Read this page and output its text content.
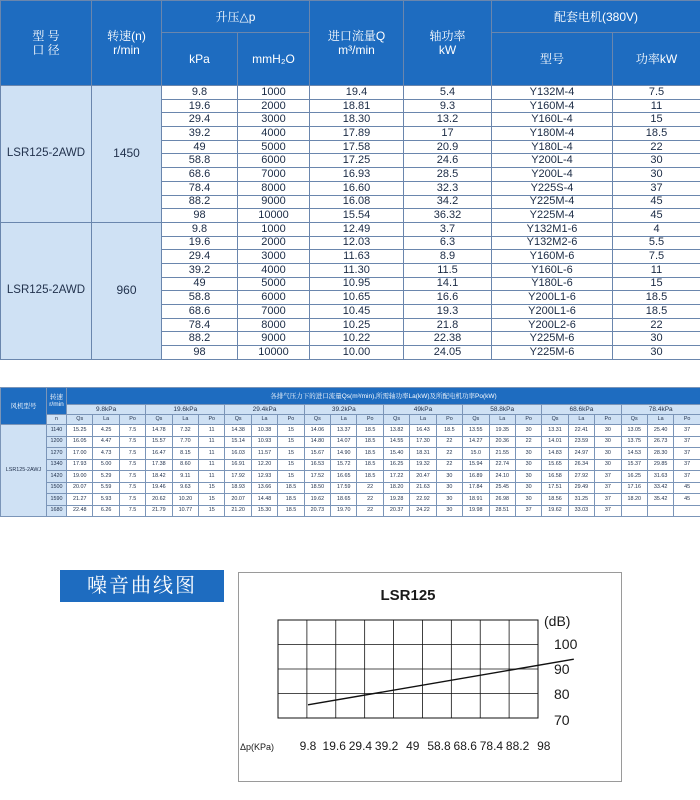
型 号
口 径	转速(n)
r/min	升压△p		进口流量Q
m³/min	轴功率
kW	配套电机(380V)	
		kPa	mmH₂O			型号	功率kW
LSR125-2AWD	1450	9.8	1000	19.4	5.4	Y132M-4	7.5
		19.6	2000	18.81	9.3	Y160M-4	11
		29.4	3000	18.30	13.2	Y160L-4	15
		39.2	4000	17.89	17	Y180M-4	18.5
		49	5000	17.58	20.9	Y180L-4	22
		58.8	6000	17.25	24.6	Y200L-4	30
		68.6	7000	16.93	28.5	Y200L-4	30
		78.4	8000	16.60	32.3	Y225S-4	37
		88.2	9000	16.08	34.2	Y225M-4	45
		98	10000	15.54	36.32	Y225M-4	45
LSR125-2AWD	960	9.8	1000	12.49	3.7	Y132M1-6	4
		19.6	2000	12.03	6.3	Y132M2-6	5.5
		29.4	3000	11.63	8.9	Y160M-6	7.5
		39.2	4000	11.30	11.5	Y160L-6	11
		49	5000	10.95	14.1	Y180L-6	15
		58.8	6000	10.65	16.6	Y200L1-6	18.5
		68.6	7000	10.45	19.3	Y200L1-6	18.5
		78.4	8000	10.25	21.8	Y200L2-6	22
		88.2	9000	10.22	22.38	Y225M-6	30
		98	10000	10.00	24.05	Y225M-6	30
风机型号	转速
r/min	各排气压力下的进口流量Qs(m³/min),所需轴功率La(kW)及所配电机功率Po(kW)																								
		9.8kPa			19.6kPa			29.4kPa			39.2kPa			49kPa			58.8kPa			68.6kPa			78.4kPa			
	n	Qs	La	Po	Qs	La	Po	Qs	La	Po	Qs	La	Po	Qs	La	Po	Qs	La	Po	Qs	La	Po	Qs	La	Po	
LSR125-2AWJ	1140	15.25	4.25	7.5	14.78	7.32	11	14.38	10.38	15	14.06	13.37	18.5	13.82	16.43	18.5	13.55	19.35	30	13.31	22.41	30	13.05	25.40	37						
	1200	16.05	4.47	7.5	15.57	7.70	11	15.14	10.93	15	14.80	14.07	18.5	14.55	17.30	22	14.27	20.36	22	14.01	23.59	30	13.75	26.73	37						
	1270	17.00	4.73	7.5	16.47	8.15	11	16.03	11.57	15	15.67	14.90	18.5	15.40	18.31	22	15.0	21.55	30	14.83	24.97	30	14.53	28.30	37						
	1340	17.93	5.00	7.5	17.38	8.60	11	16.91	12.20	15	16.53	15.72	18.5	16.25	19.32	22	15.94	22.74	30	15.65	26.34	30	15.37	29.85	37						
	1420	19.00	5.29	7.5	18.42	9.11	11	17.92	12.93	15	17.52	16.65	18.5	17.22	20.47	30	16.89	24.10	30	16.58	27.92	37	16.25	31.63	37						
	1500	20.07	5.59	7.5	19.46	9.63	15	18.93	13.66	18.5	18.50	17.59	22	18.20	21.63	30	17.84	25.45	30	17.51	29.49	37	17.16	33.42	45						
	1590	21.27	5.93	7.5	20.62	10.20	15	20.07	14.48	18.5	19.62	18.65	22	19.28	22.92	30	18.91	26.98	30	18.56	31.25	37	18.20	35.42	45						
	1680	22.48	6.26	7.5	21.79	10.77	15	21.20	15.30	18.5	20.73	19.70	22	20.37	24.22	30	19.98	28.51	37	19.62	33.03	37									
噪音曲线图	LSR125
(dB)
100
90
80
70
Δp(KPa) 9.8 19.6 29.4 39.2 49 58.8 68.6 78.4 88.2 98
